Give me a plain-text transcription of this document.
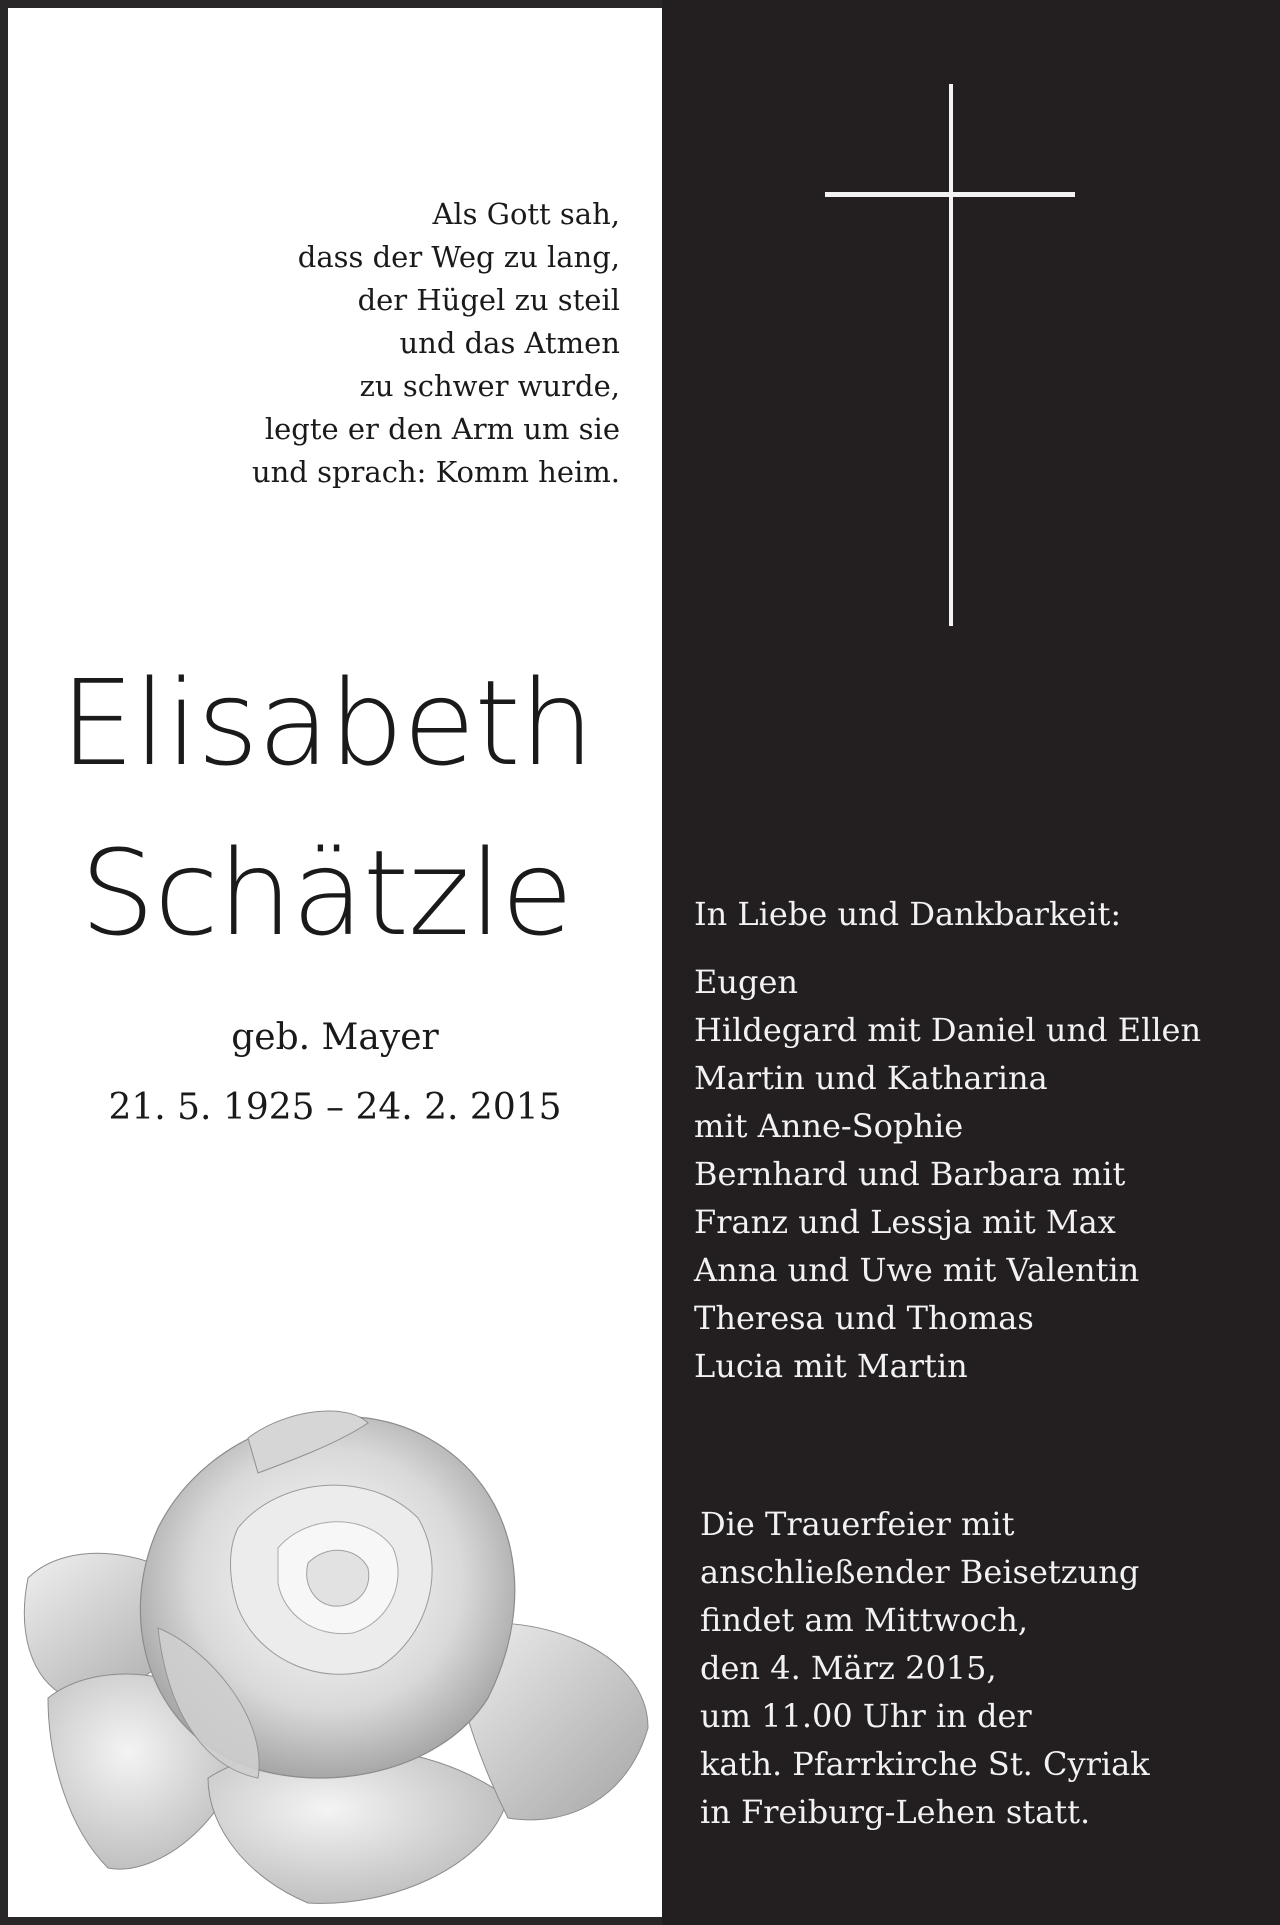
Als Gott sah,
dass der Weg zu lang,
der Hügel zu steil
und das Atmen
zu schwer wurde,
legte er den Arm um sie
und sprach: Komm heim.
Elisabeth
Schätzle
geb. Mayer
21. 5. 1925 – 24. 2. 2015
In Liebe und Dankbarkeit:
Eugen
Hildegard mit Daniel und Ellen
Martin und Katharina
mit Anne-Sophie
Bernhard und Barbara mit
Franz und Lessja mit Max
Anna und Uwe mit Valentin
Theresa und Thomas
Lucia mit Martin
Die Trauerfeier mit
anschließender Beisetzung
findet am Mittwoch,
den 4. März 2015,
um 11.00 Uhr in der
kath. Pfarrkirche St. Cyriak
in Freiburg-Lehen statt.
